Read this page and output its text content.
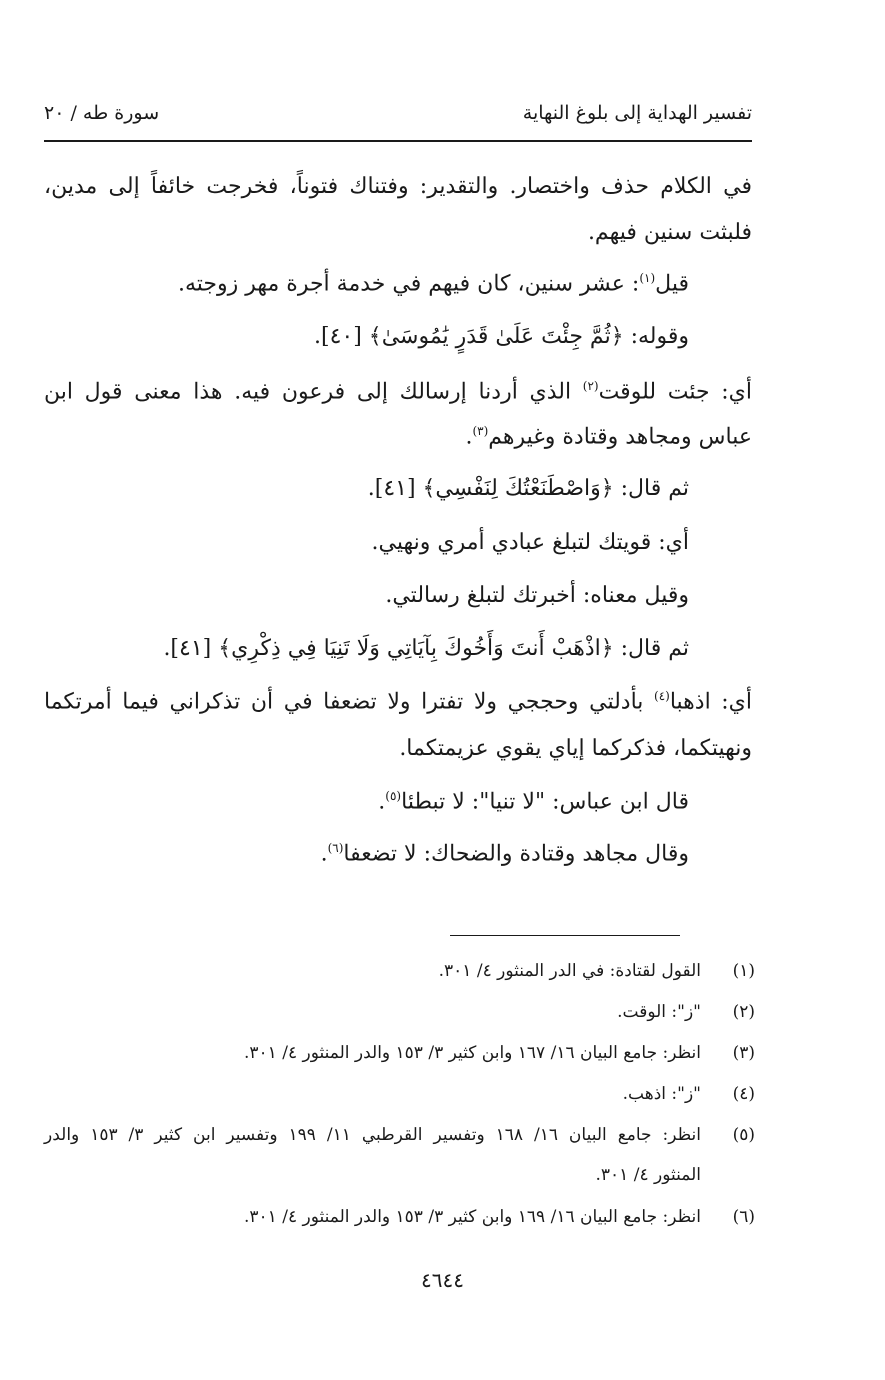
تفسير الهداية إلى بلوغ النهاية
سورة طه / ٢٠
في الكلام حذف واختصار. والتقدير: وفتناك فتوناً، فخرجت خائفاً إلى مدين،
فلبثت سنين فيهم.
قيل$^{(١)}$: عشر سنين، كان فيهم في خدمة أجرة مهر زوجته.
وقوله: ﴿ثُمَّ جِئْتَ عَلَىٰ قَدَرٍ يَٰمُوسَىٰ﴾ [٤٠].
أي: جئت للوقت$^{(٢)}$ الذي أردنا إرسالك إلى فرعون فيه. هذا معنى قول ابن
عباس ومجاهد وقتادة وغيرهم$^{(٣)}$.
ثم قال: ﴿وَاصْطَنَعْتُكَ لِنَفْسِي﴾ [٤١].
أي: قويتك لتبلغ عبادي أمري ونهيي.
وقيل معناه: أخبرتك لتبلغ رسالتي.
ثم قال: ﴿اذْهَبْ أَنتَ وَأَخُوكَ بِآيَاتِي وَلَا تَنِيَا فِي ذِكْرِي﴾ [٤١].
أي: اذهبا$^{(٤)}$ بأدلتي وحججي ولا تفترا ولا تضعفا في أن تذكراني فيما أمرتكما
ونهيتكما، فذكركما إياي يقوي عزيمتكما.
قال ابن عباس: "لا تنيا": لا تبطئا$^{(٥)}$.
وقال مجاهد وقتادة والضحاك: لا تضعفا$^{(٦)}$.
(١)
القول لقتادة: في الدر المنثور ٤/ ٣٠١.
(٢)
"ز": الوقت.
(٣)
انظر: جامع البيان ١٦/ ١٦٧ وابن كثير ٣/ ١٥٣ والدر المنثور ٤/ ٣٠١.
(٤)
"ز": اذهب.
(٥)
انظر: جامع البيان ١٦/ ١٦٨ وتفسير القرطبي ١١/ ١٩٩ وتفسير ابن كثير ٣/ ١٥٣ والدر
المنثور ٤/ ٣٠١.
(٦)
انظر: جامع البيان ١٦/ ١٦٩ وابن كثير ٣/ ١٥٣ والدر المنثور ٤/ ٣٠١.
٤٦٤٤
